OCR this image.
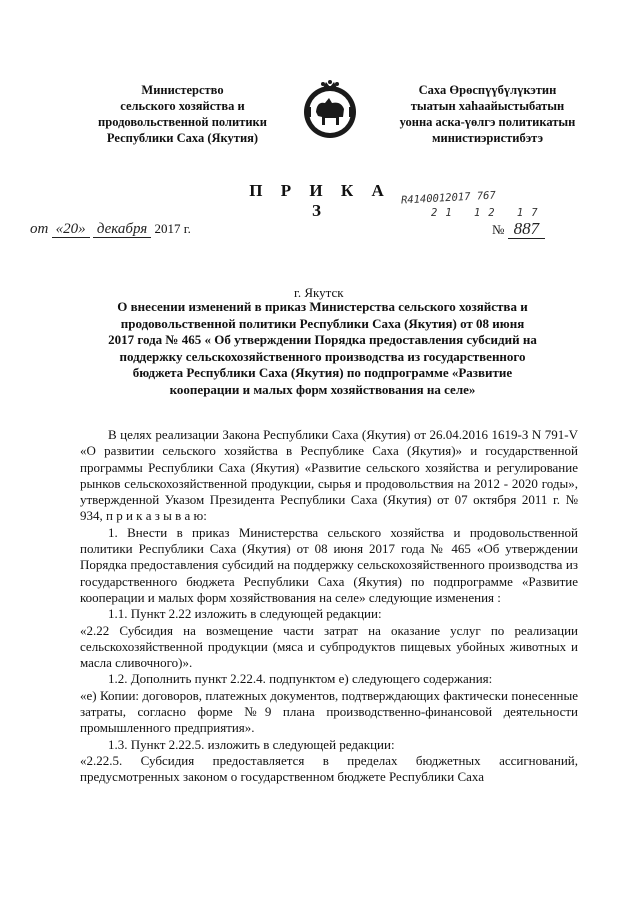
Министерство
сельского хозяйства и
продовольственной политики
Республики Саха (Якутия)
Саха Өрөспүүбүлүкэтин
тыатын хаhаайыстыбатын
уонна аска-үөлгэ политикатын
министиэристибэтэ
П Р И К А З
R4140012017 767
21 12 17
от «20» декабря 2017 г.	№ 887
г. Якутск
О внесении изменений в приказ Министерства сельского хозяйства и
продовольственной политики Республики Саха (Якутия) от 08 июня
2017 года № 465 « Об утверждении Порядка предоставления субсидий на
поддержку сельскохозяйственного производства из государственного
бюджета Республики Саха (Якутия) по подпрограмме «Развитие
кооперации и малых форм хозяйствования на селе»

В целях реализации Закона Республики Саха (Якутия) от 26.04.2016 1619-З N 791-V «О развитии сельского хозяйства в Республике Саха (Якутия)» и государственной программы Республики Саха (Якутия) «Развитие сельского хозяйства и регулирование рынков сельскохозяйственной продукции, сырья и продовольствия на 2012 - 2020 годы», утвержденной Указом Президента Республики Саха (Якутия) от 07 октября 2011 г. № 934, п р и к а з ы в а ю:

1. Внести в приказ Министерства сельского хозяйства и продовольственной политики Республики Саха (Якутия) от 08 июня 2017 года № 465 «Об утверждении Порядка предоставления субсидий на поддержку сельскохозяйственного производства из государственного бюджета Республики Саха (Якутия) по подпрограмме «Развитие кооперации и малых форм хозяйствования на селе» следующие изменения :

1.1. Пункт 2.22 изложить в следующей редакции:

«2.22 Субсидия на возмещение части затрат на оказание услуг по реализации сельскохозяйственной продукции (мяса и субпродуктов пищевых убойных животных и масла сливочного)».

1.2. Дополнить пункт 2.22.4. подпунктом е) следующего содержания:

«е) Копии: договоров, платежных документов, подтверждающих фактически понесенные затраты, согласно форме №9 плана производственно-финансовой деятельности промышленного предприятия».

1.3. Пункт 2.22.5. изложить в следующей редакции:

«2.22.5. Субсидия предоставляется в пределах бюджетных ассигнований, предусмотренных законом о государственном бюджете Республики Саха
